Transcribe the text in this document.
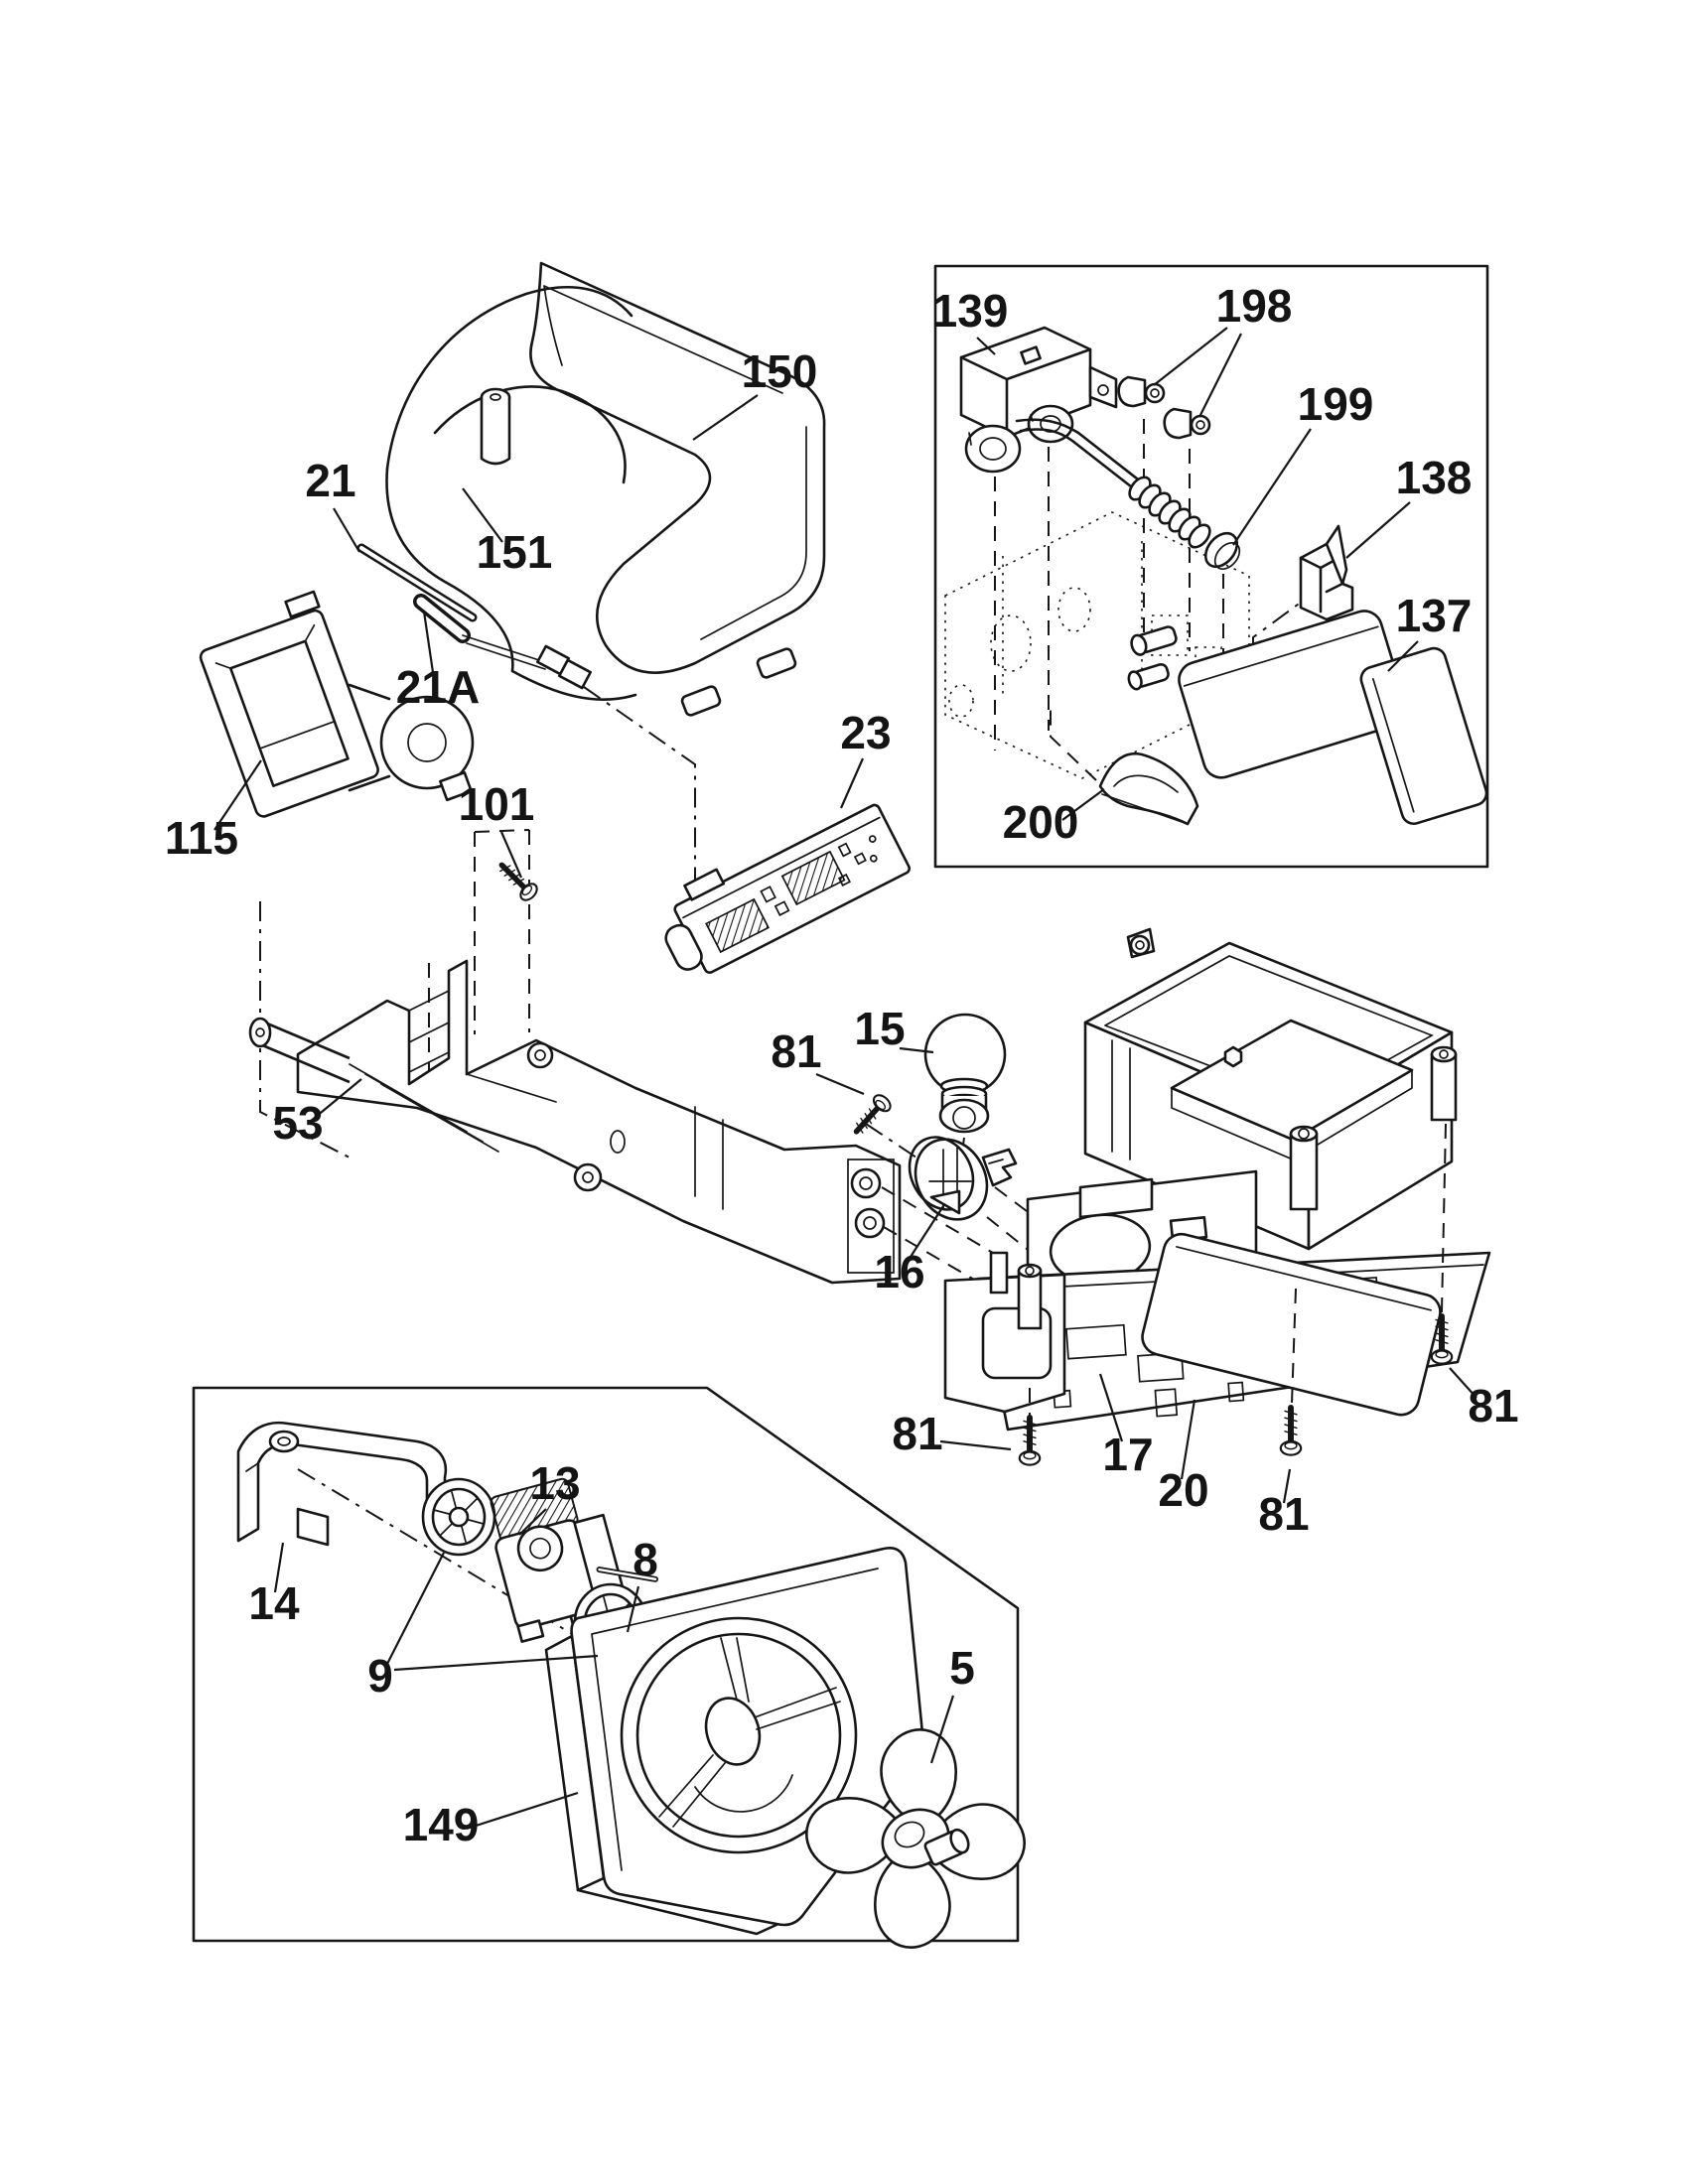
150
151
21
21A
115
101
23
139	198
199
138
137
200
53
81 15
16
81	17
20 81
81
13
14
9
8
149
5
